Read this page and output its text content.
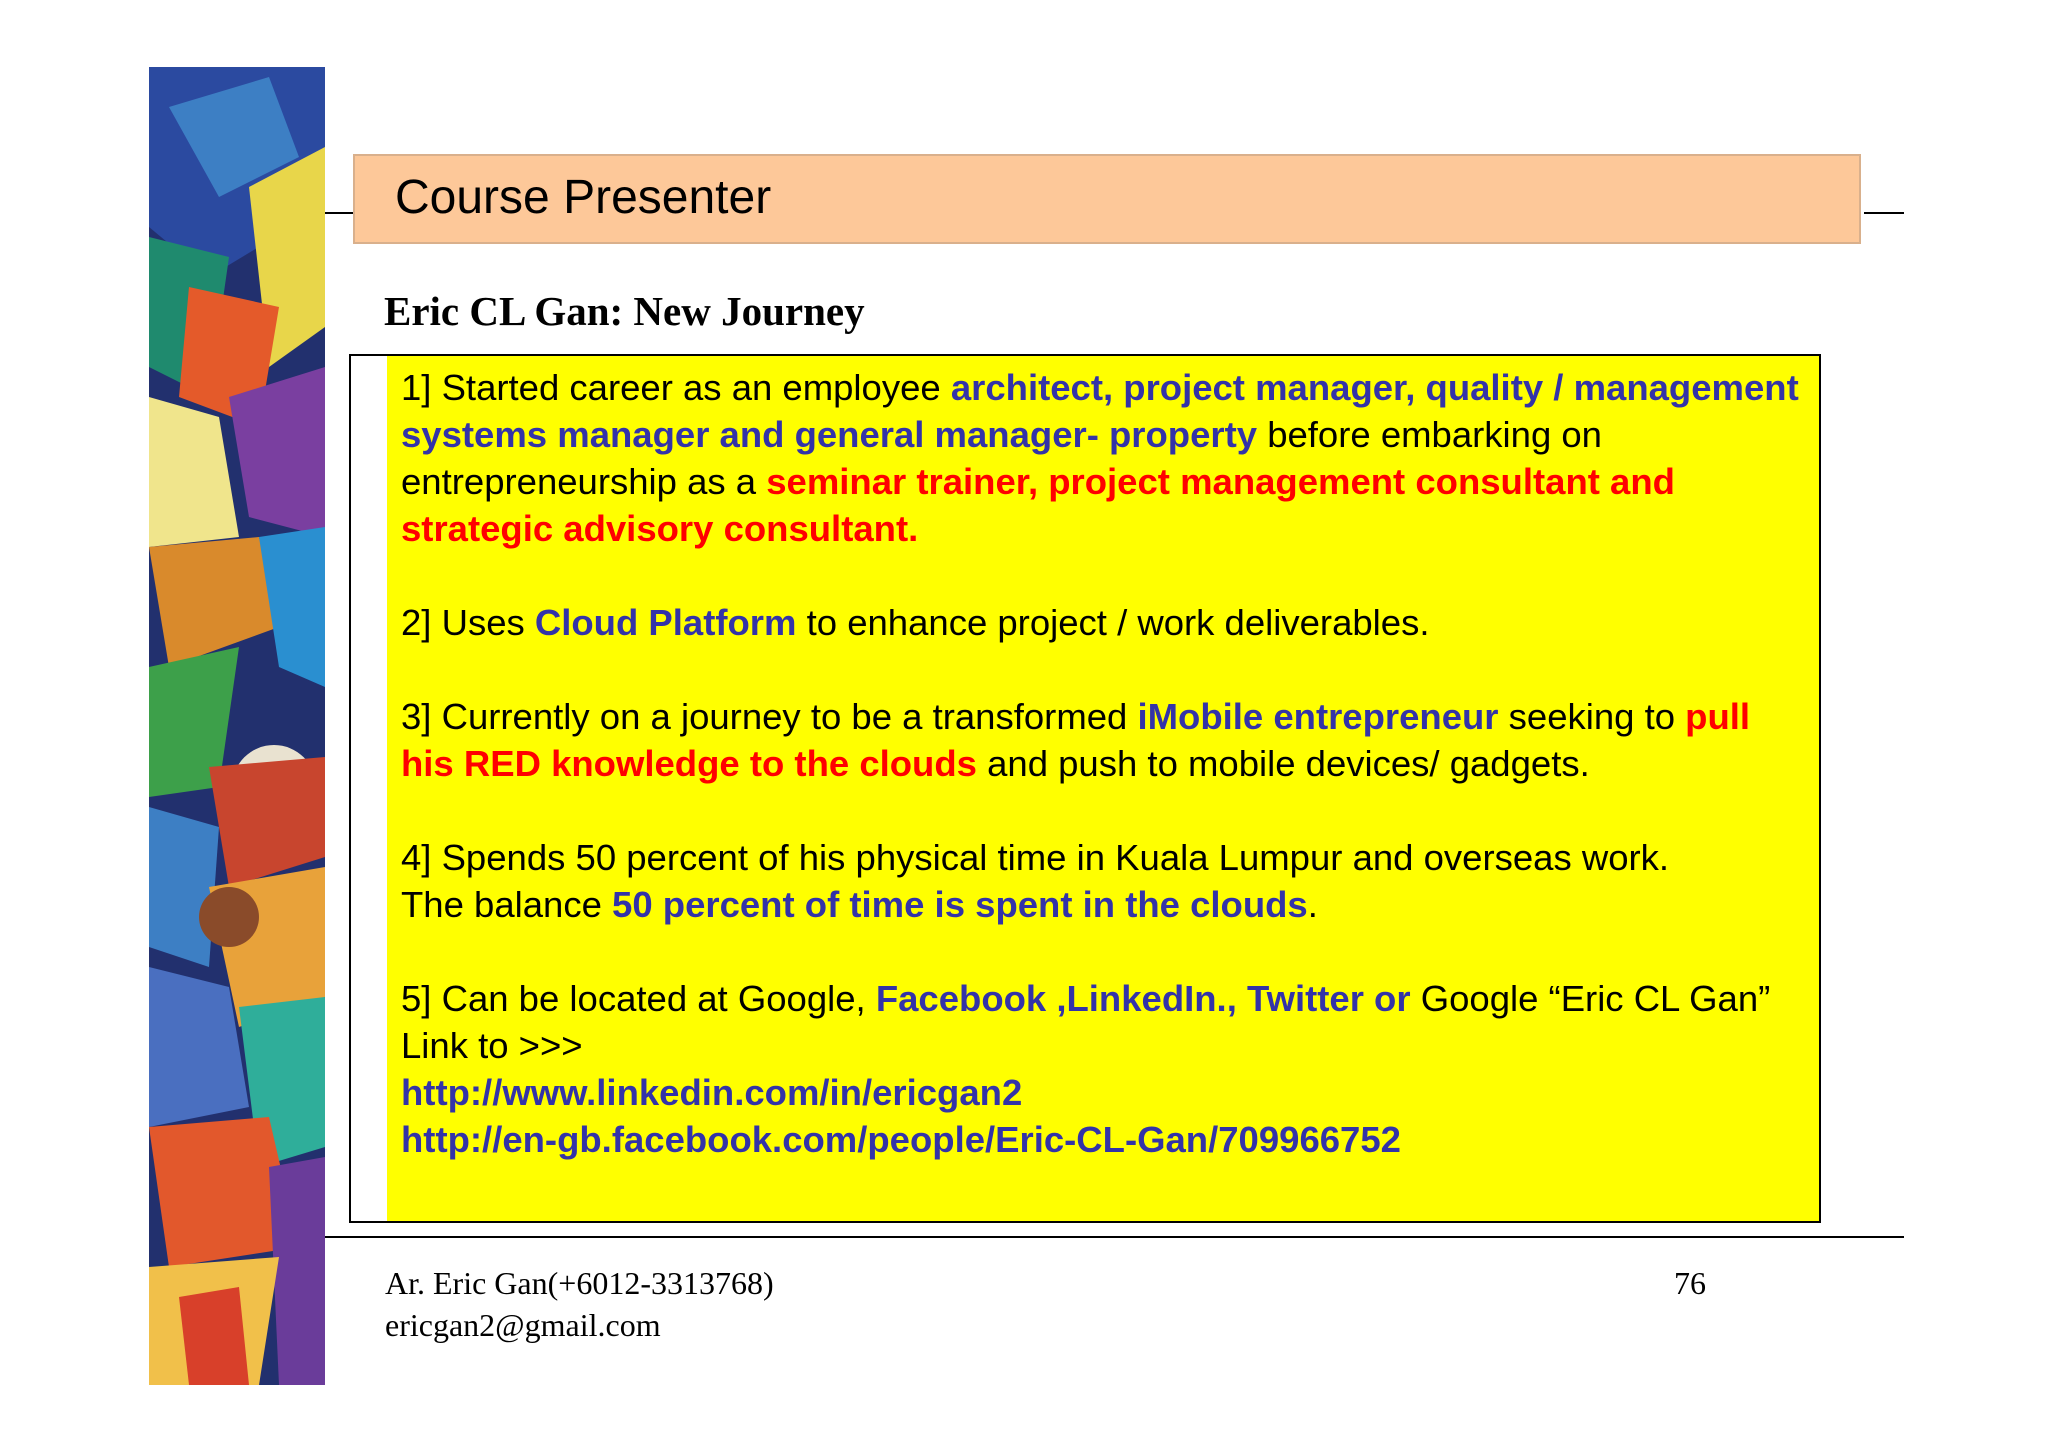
Course Presenter
Eric CL Gan: New Journey

1] Started career as an employee architect, project manager, quality / management systems manager and general manager- property before embarking on entrepreneurship as a seminar trainer, project management consultant and strategic advisory consultant.

2] Uses Cloud Platform to enhance project / work deliverables.

3] Currently on a journey to be a transformed iMobile entrepreneur seeking to pull his RED knowledge to the clouds and push to mobile devices/ gadgets.

4] Spends 50 percent of his physical time in Kuala Lumpur and overseas work.

The balance 50 percent of time is spent in the clouds.

5] Can be located at Google, Facebook ,LinkedIn., Twitter or Google “Eric CL Gan”

Link to >>>

http://www.linkedin.com/in/ericgan2

http://en-gb.facebook.com/people/Eric-CL-Gan/709966752

Ar. Eric Gan(+6012-3313768)
ericgan2@gmail.com
76
